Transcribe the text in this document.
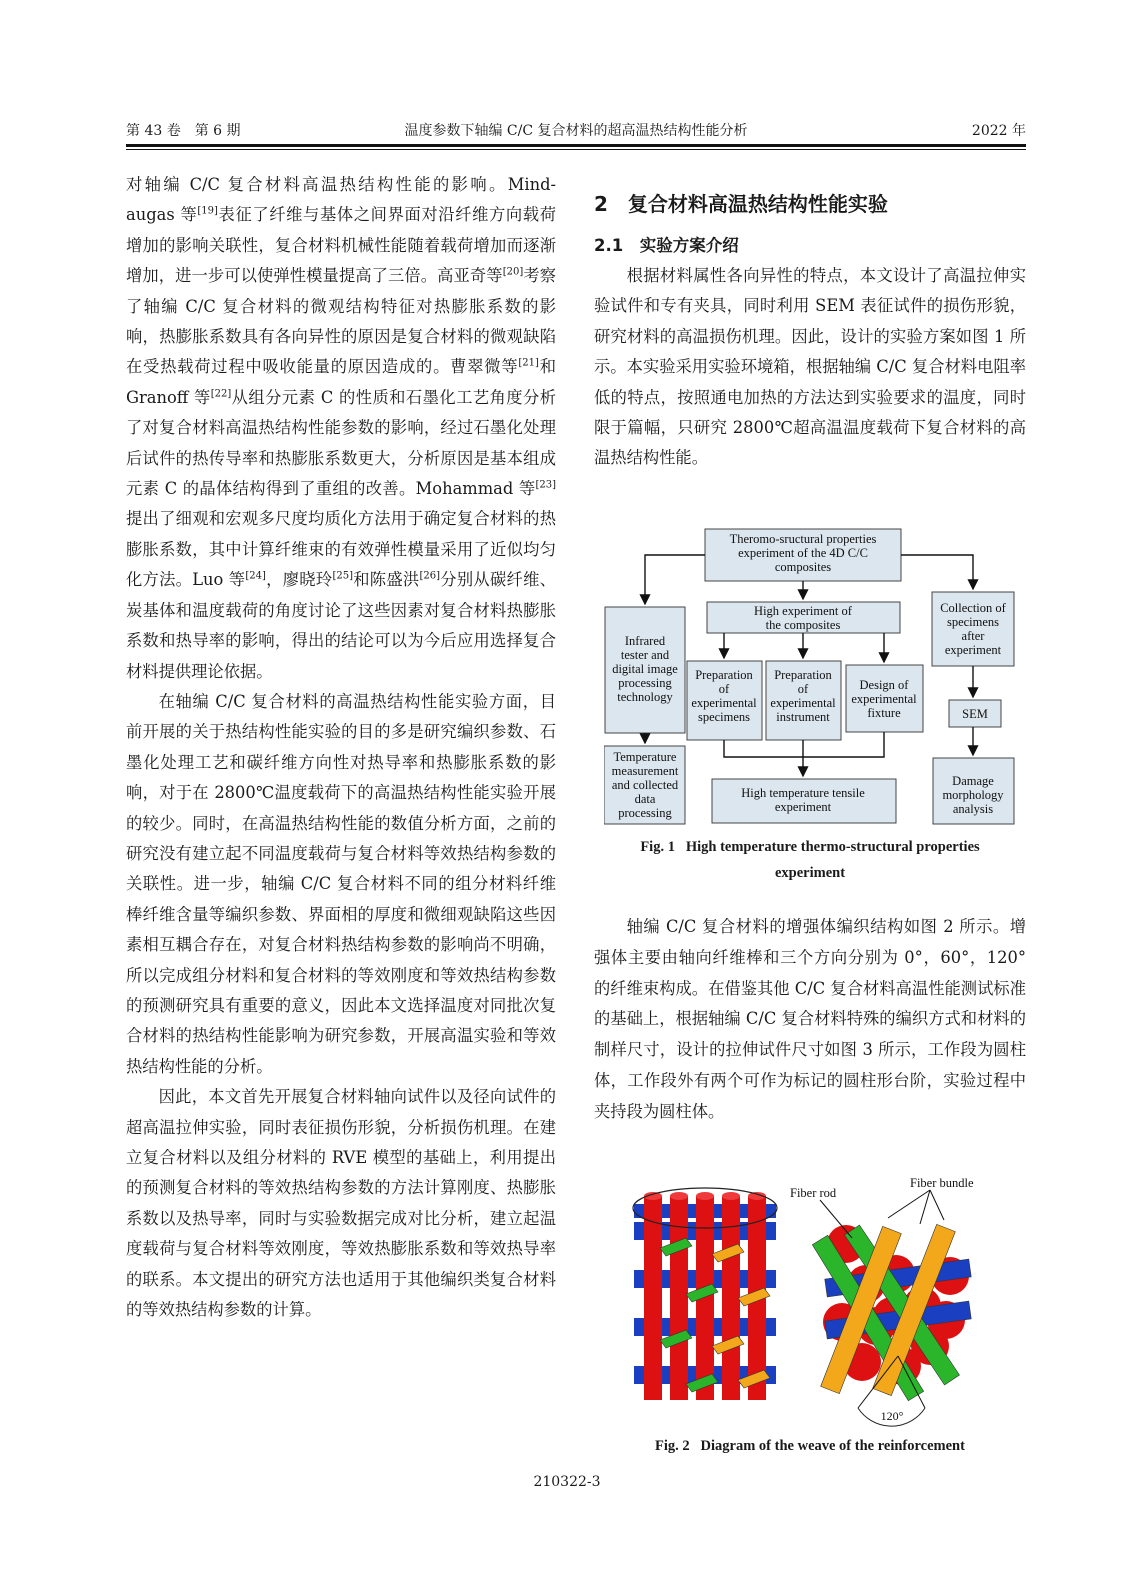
第 43 卷　第 6 期	温度参数下轴编 C/C 复合材料的超高温热结构性能分析	2022 年

对轴编 C/C 复合材料高温热结构性能的影响。Mind-augas 等[19]表征了纤维与基体之间界面对沿纤维方向载荷增加的影响关联性，复合材料机械性能随着载荷增加而逐渐增加，进一步可以使弹性模量提高了三倍。高亚奇等[20]考察了轴编 C/C 复合材料的微观结构特征对热膨胀系数的影响，热膨胀系数具有各向异性的原因是复合材料的微观缺陷在受热载荷过程中吸收能量的原因造成的。曹翠微等[21]和 Granoff 等[22]从组分元素 C 的性质和石墨化工艺角度分析了对复合材料高温热结构性能参数的影响，经过石墨化处理后试件的热传导率和热膨胀系数更大，分析原因是基本组成元素 C 的晶体结构得到了重组的改善。Mohammad 等[23]提出了细观和宏观多尺度均质化方法用于确定复合材料的热膨胀系数，其中计算纤维束的有效弹性模量采用了近似均匀化方法。Luo 等[24]，廖晓玲[25]和陈盛洪[26]分别从碳纤维、炭基体和温度载荷的角度讨论了这些因素对复合材料热膨胀系数和热导率的影响，得出的结论可以为今后应用选择复合材料提供理论依据。

在轴编 C/C 复合材料的高温热结构性能实验方面，目前开展的关于热结构性能实验的目的多是研究编织参数、石墨化处理工艺和碳纤维方向性对热导率和热膨胀系数的影响，对于在 2800℃温度载荷下的高温热结构性能实验开展的较少。同时，在高温热结构性能的数值分析方面，之前的研究没有建立起不同温度载荷与复合材料等效热结构参数的关联性。进一步，轴编 C/C 复合材料不同的组分材料纤维棒纤维含量等编织参数、界面相的厚度和微细观缺陷这些因素相互耦合存在，对复合材料热结构参数的影响尚不明确，所以完成组分材料和复合材料的等效刚度和等效热结构参数的预测研究具有重要的意义，因此本文选择温度对同批次复合材料的热结构性能影响为研究参数，开展高温实验和等效热结构性能的分析。

因此，本文首先开展复合材料轴向试件以及径向试件的超高温拉伸实验，同时表征损伤形貌，分析损伤机理。在建立复合材料以及组分材料的 RVE 模型的基础上，利用提出的预测复合材料的等效热结构参数的方法计算刚度、热膨胀系数以及热导率，同时与实验数据完成对比分析，建立起温度载荷与复合材料等效刚度，等效热膨胀系数和等效热导率的联系。本文提出的研究方法也适用于其他编织类复合材料的等效热结构参数的计算。

2　复合材料高温热结构性能实验
2.1　实验方案介绍

根据材料属性各向异性的特点，本文设计了高温拉伸实验试件和专有夹具，同时利用 SEM 表征试件的损伤形貌，研究材料的高温损伤机理。因此，设计的实验方案如图 1 所示。本实验采用实验环境箱，根据轴编 C/C 复合材料电阻率低的特点，按照通电加热的方法达到实验要求的温度，同时限于篇幅，只研究 2800℃超高温温度载荷下复合材料的高温热结构性能。

Theromo-sructural properties experiment of the 4D C/C composites
Infrared tester and digital image processing technology
High experiment of the composites
Collection of specimens after experiment
Preparation of experimental specimens
Preparation of experimental instrument
Design of experimental fixture	SEM
Temperature measurement and collected data processing
High temperature tensile experiment
Damage morphology analysis
Fig. 1 High temperature thermo-structural properties
experiment

轴编 C/C 复合材料的增强体编织结构如图 2 所示。增强体主要由轴向纤维棒和三个方向分别为 0°，60°，120°的纤维束构成。在借鉴其他 C/C 复合材料高温性能测试标准的基础上，根据轴编 C/C 复合材料特殊的编织方式和材料的制样尺寸，设计的拉伸试件尺寸如图 3 所示，工作段为圆柱体，工作段外有两个可作为标记的圆柱形台阶，实验过程中夹持段为圆柱体。

Fiber rod
Fiber bundle
120°
Fig. 2 Diagram of the weave of the reinforcement
210322-3
